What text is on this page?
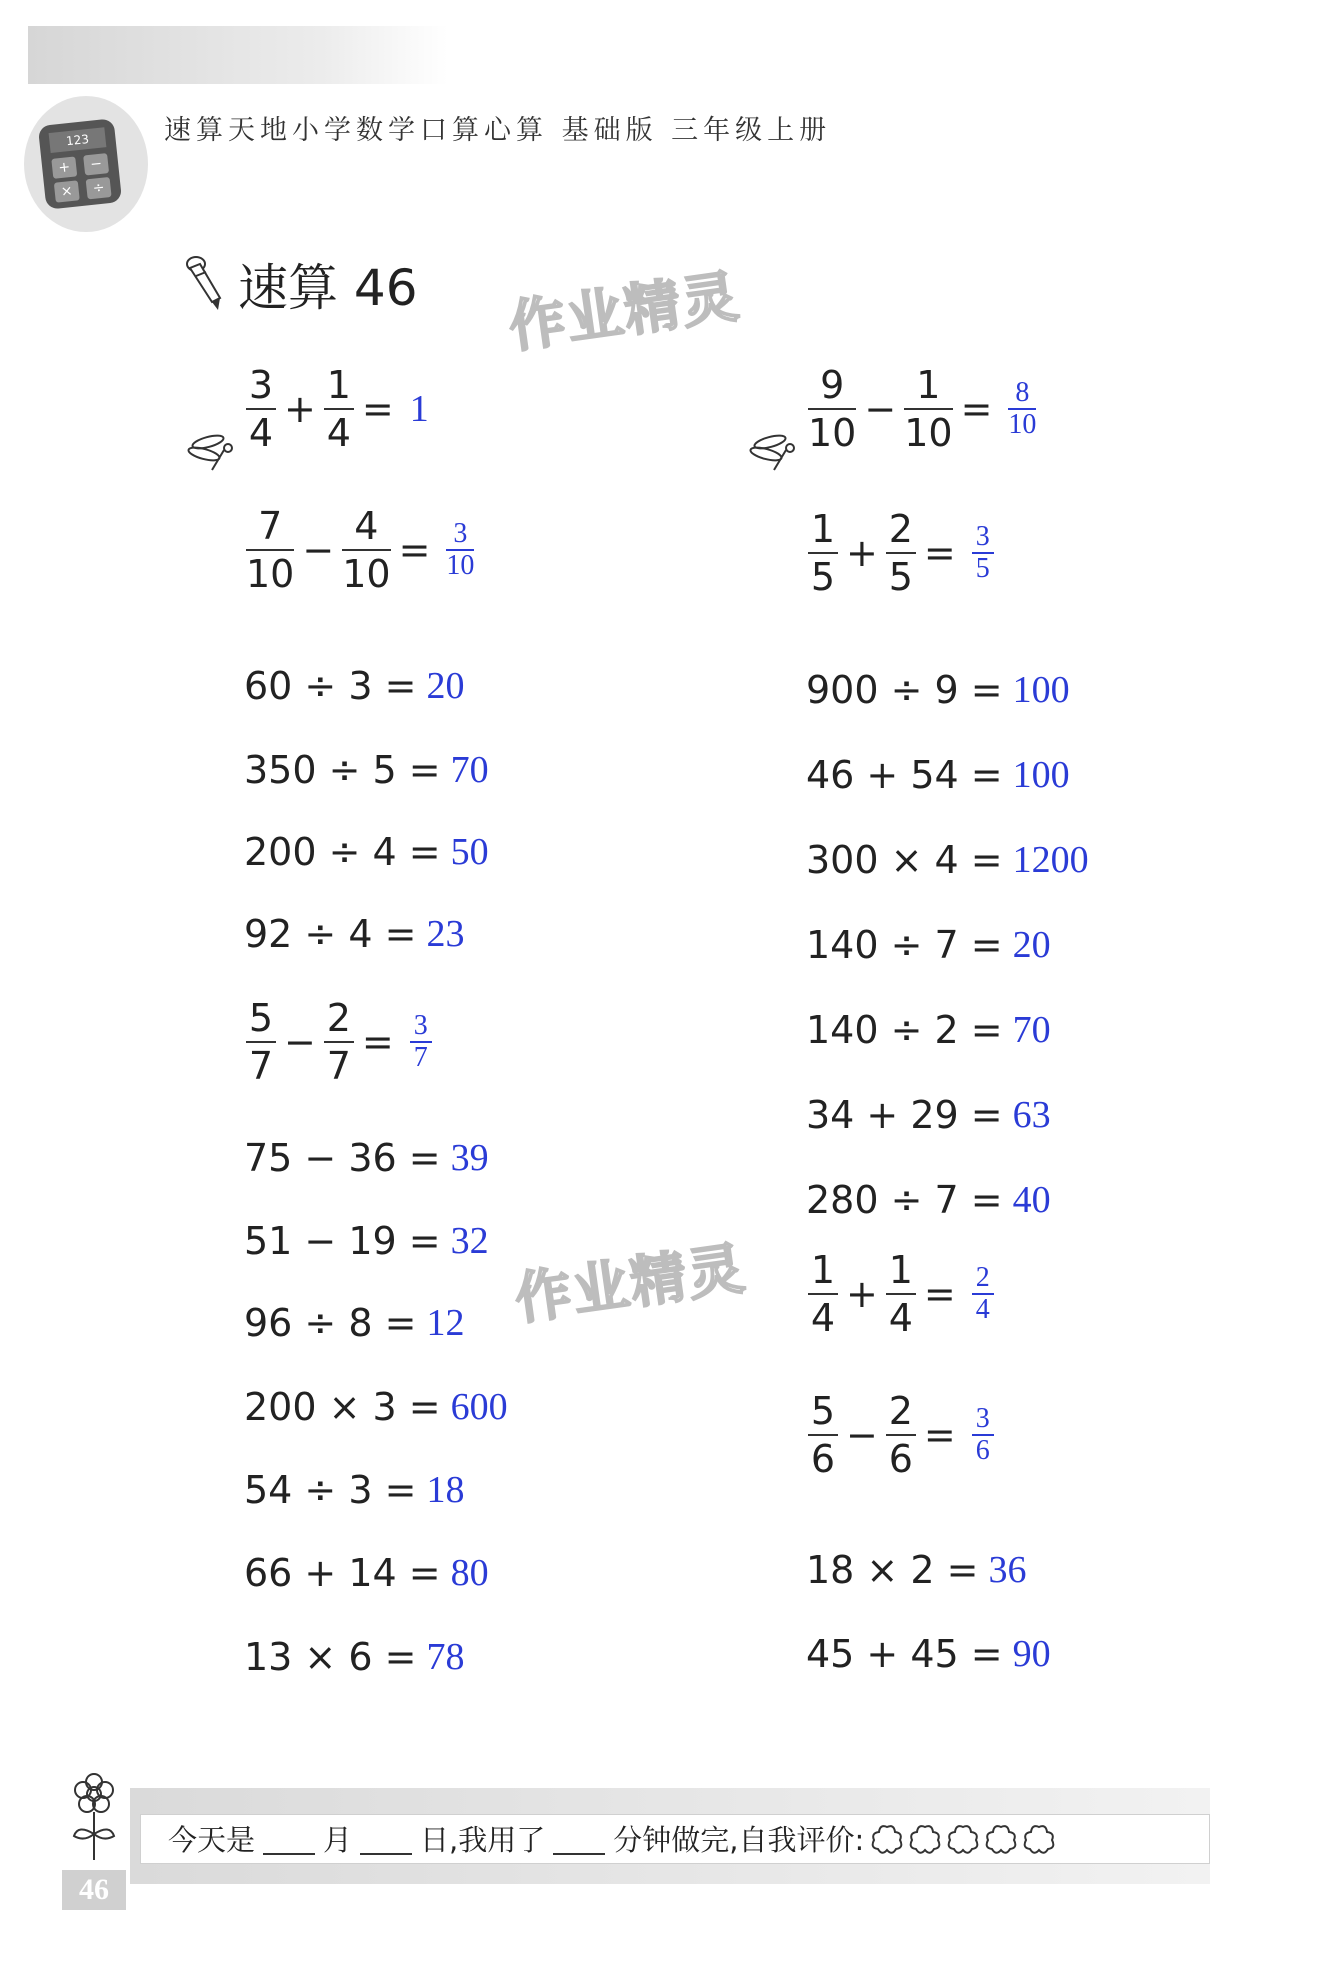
123
+	−
×	÷
速算天地小学数学口算心算 基础版 三年级上册
速算 46 作业精灵
作业精灵
今天是 月 日,我用了 分钟做完,自我评价:
46
$\frac{3}{4} + \frac{1}{4} = 1$
$\frac{7}{10} - \frac{4}{10} = 3$
10
60 ÷ 3 = 20
350 ÷ 5 = 70
200 ÷ 4 = 50
92 ÷ 4 = 23
$\frac{5}{7} - \frac{2}{7} = 3$
7
75 − 36 = 39
51 − 19 = 32
96 ÷ 8 = 12
200 × 3 = 600
54 ÷ 3 = 18
66 + 14 = 80
13 × 6 = 78
$\frac{9}{10} - \frac{1}{10} = 8$
10
$\frac{1}{5} + \frac{2}{5} = 3$
5
900 ÷ 9 = 100
46 + 54 = 100
300 × 4 = 1200
140 ÷ 7 = 20
140 ÷ 2 = 70
34 + 29 = 63
280 ÷ 7 = 40
$\frac{1}{4} + \frac{1}{4} = 2$
4
$\frac{5}{6} - \frac{2}{6} = 3$
6
18 × 2 = 36
45 + 45 = 90
